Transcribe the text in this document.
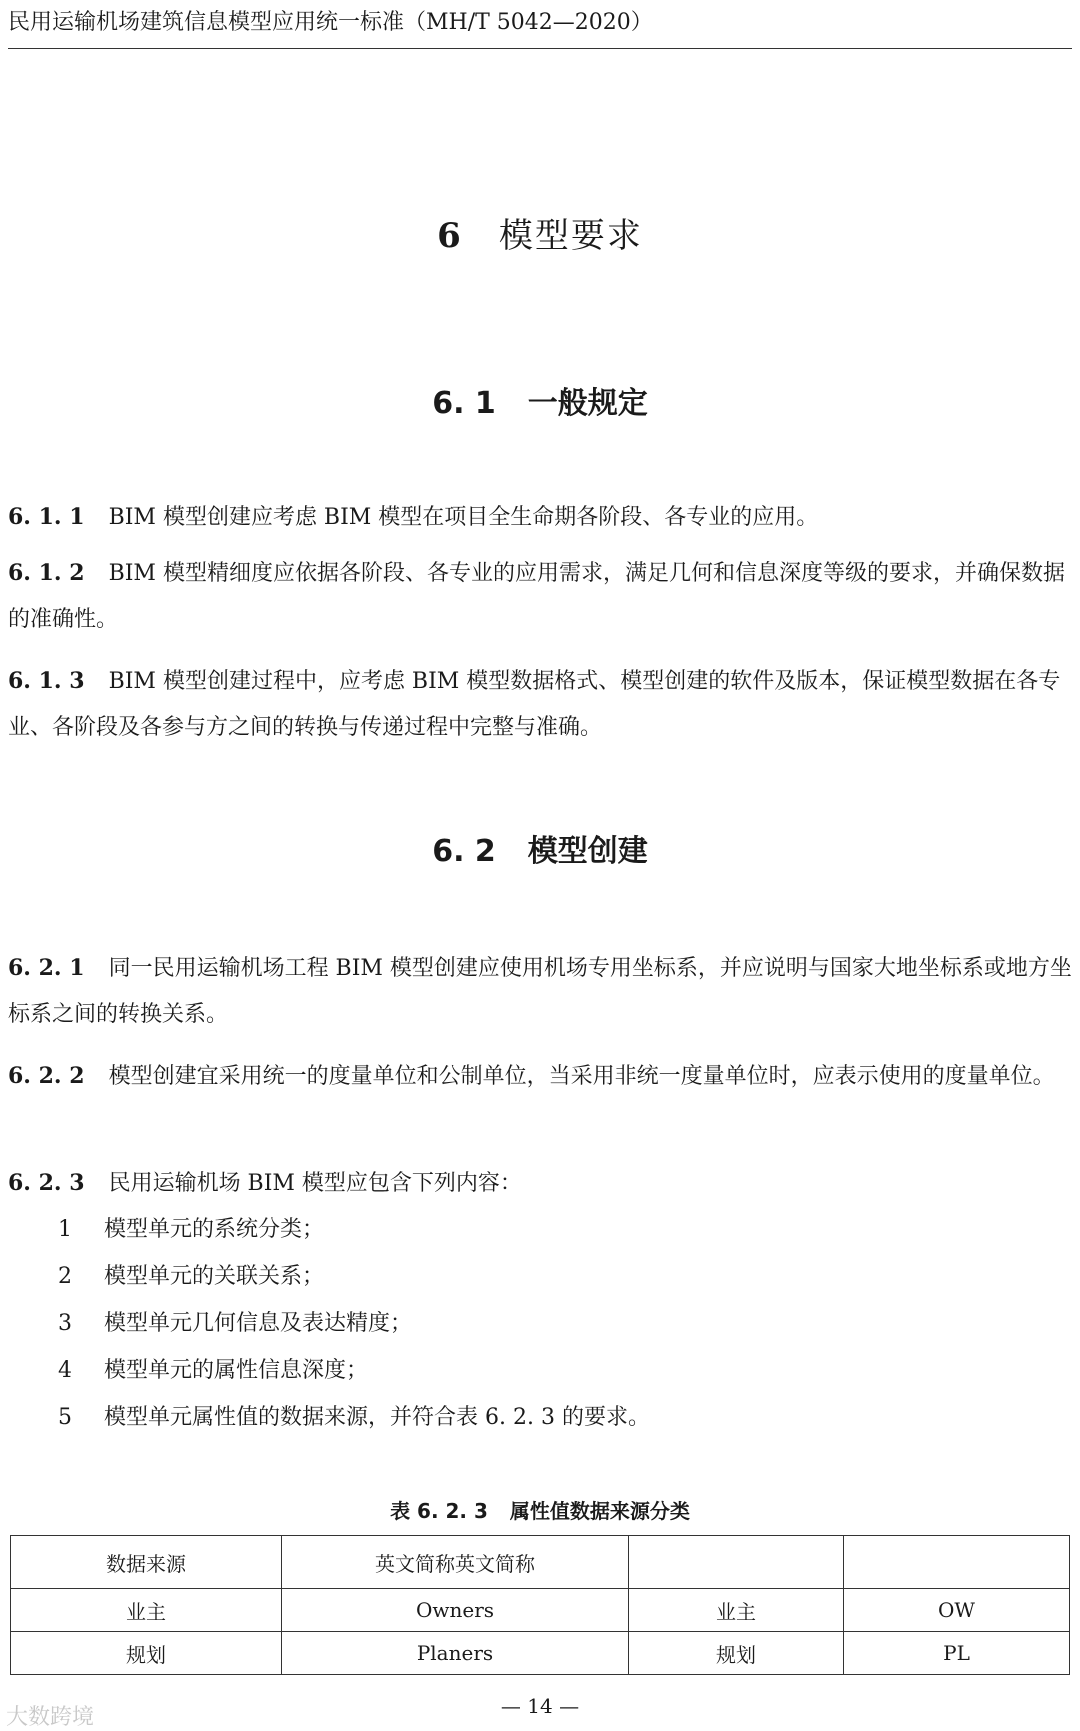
民用运输机场建筑信息模型应用统一标准（MH/T 5042—2020）
6 模型要求
6. 1 一般规定
6. 1. 1 BIM 模型创建应考虑 BIM 模型在项目全生命期各阶段、各专业的应用。
6. 1. 2 BIM 模型精细度应依据各阶段、各专业的应用需求，满足几何和信息深度等级的要求，并确保数据的准确性。
6. 1. 3 BIM 模型创建过程中，应考虑 BIM 模型数据格式、模型创建的软件及版本，保证模型数据在各专业、各阶段及各参与方之间的转换与传递过程中完整与准确。
6. 2 模型创建
6. 2. 1 同一民用运输机场工程 BIM 模型创建应使用机场专用坐标系，并应说明与国家大地坐标系或地方坐标系之间的转换关系。
6. 2. 2 模型创建宜采用统一的度量单位和公制单位，当采用非统一度量单位时，应表示使用的度量单位。
6. 2. 3 民用运输机场 BIM 模型应包含下列内容：
1 模型单元的系统分类；
2 模型单元的关联关系；
3 模型单元几何信息及表达精度；
4 模型单元的属性信息深度；
5 模型单元属性值的数据来源，并符合表 6. 2. 3 的要求。
表 6. 2. 3 属性值数据来源分类
数据来源	英文简称英文简称		
业主	Owners	业主	OW
规划	Planers	规划	PL
— 14 —
大数跨境
